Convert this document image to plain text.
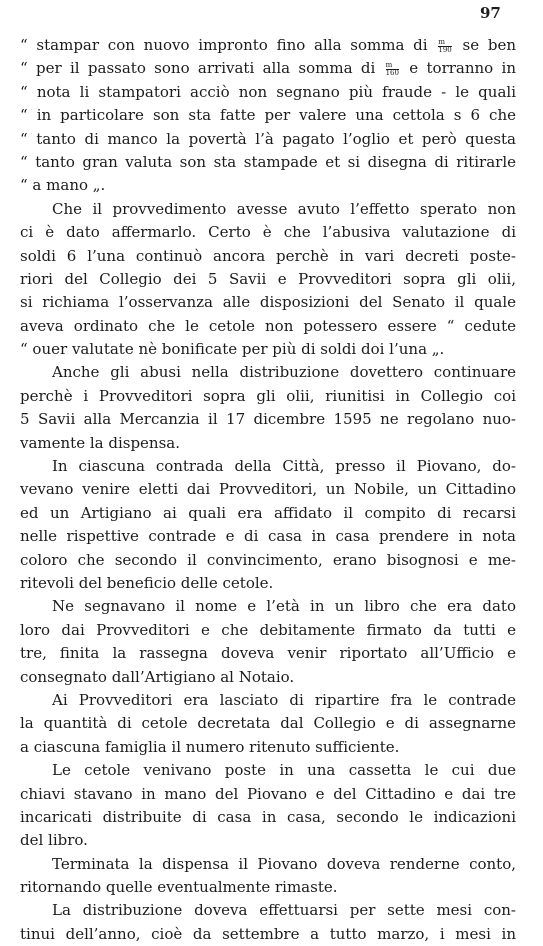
97
“ stampar con nuovo impronto fino alla somma di $\frac{m}{190}$ se ben
“ per il passato sono arrivati alla somma di $\frac{m}{160}$ e torranno in
“ nota li stampatori acciò non segnano più fraude - le quali
“ in particolare son sta fatte per valere una cettola s 6 che
“ tanto di manco la povertà l’à pagato l’oglio et però questa
“ tanto gran valuta son sta stampade et si disegna di ritirarle
“ a mano „.
Che il provvedimento avesse avuto l’effetto sperato non
ci è dato affermarlo. Certo è che l’abusiva valutazione di
soldi 6 l’una continuò ancora perchè in vari decreti poste-
riori del Collegio dei 5 Savii e Provveditori sopra gli olii,
si richiama l’osservanza alle disposizioni del Senato il quale
aveva ordinato che le cetole non potessero essere “ cedute
“ ouer valutate nè bonificate per più di soldi doi l’una „.
Anche gli abusi nella distribuzione dovettero continuare
perchè i Provveditori sopra gli olii, riunitisi in Collegio coi
5 Savii alla Mercanzia il 17 dicembre 1595 ne regolano nuo-
vamente la dispensa.
In ciascuna contrada della Città, presso il Piovano, do-
vevano venire eletti dai Provveditori, un Nobile, un Cittadino
ed un Artigiano ai quali era affidato il compito di recarsi
nelle rispettive contrade e di casa in casa prendere in nota
coloro che secondo il convincimento, erano bisognosi e me-
ritevoli del beneficio delle cetole.
Ne segnavano il nome e l’età in un libro che era dato
loro dai Provveditori e che debitamente firmato da tutti e
tre, finita la rassegna doveva venir riportato all’Ufficio e
consegnato dall’Artigiano al Notaio.
Ai Provveditori era lasciato di ripartire fra le contrade
la quantità di cetole decretata dal Collegio e di assegnarne
a ciascuna famiglia il numero ritenuto sufficiente.
Le cetole venivano poste in una cassetta le cui due
chiavi stavano in mano del Piovano e del Cittadino e dai tre
incaricati distribuite di casa in casa, secondo le indicazioni
del libro.
Terminata la dispensa il Piovano doveva renderne conto,
ritornando quelle eventualmente rimaste.
La distribuzione doveva effettuarsi per sette mesi con-
tinui dell’anno, cioè da settembre a tutto marzo, i mesi in
